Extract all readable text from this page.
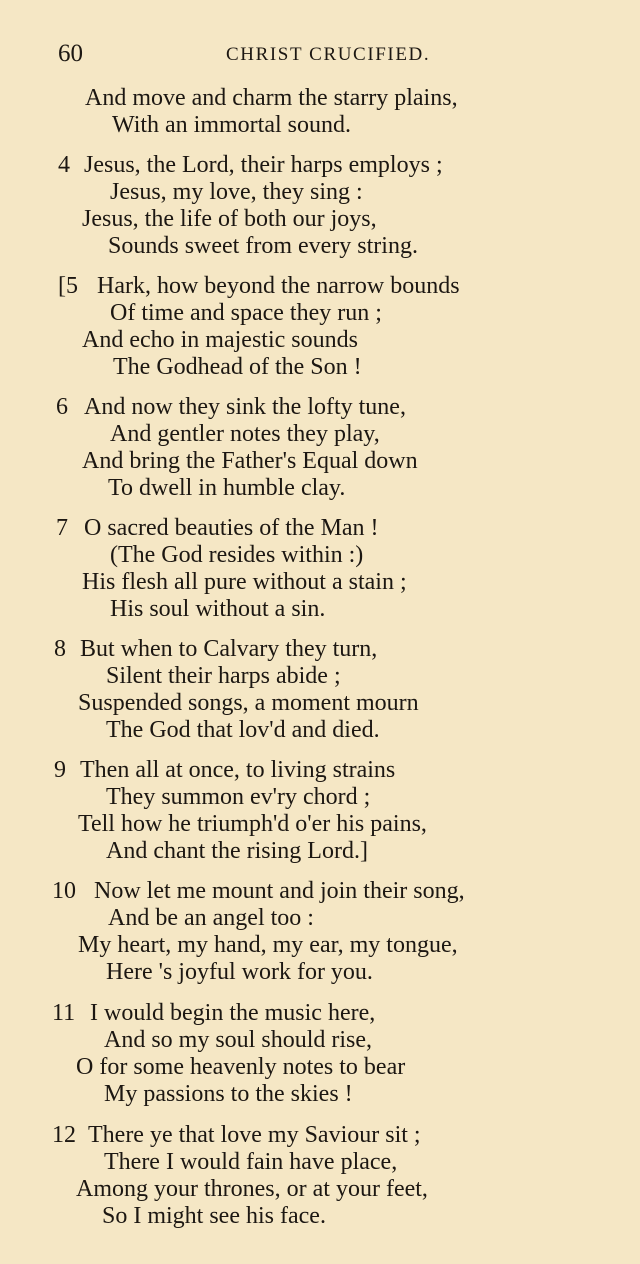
60	CHRIST CRUCIFIED.
And move and charm the starry plains,
With an immortal sound.
4 Jesus, the Lord, their harps employs ;
Jesus, my love, they sing :
Jesus, the life of both our joys,
Sounds sweet from every string.
[5 Hark, how beyond the narrow bounds
Of time and space they run ;
And echo in majestic sounds
The Godhead of the Son !
6 And now they sink the lofty tune,
And gentler notes they play,
And bring the Father's Equal down
To dwell in humble clay.
7 O sacred beauties of the Man !
(The God resides within :)
His flesh all pure without a stain ;
His soul without a sin.
8 But when to Calvary they turn,
Silent their harps abide ;
Suspended songs, a moment mourn
The God that lov'd and died.
9 Then all at once, to living strains
They summon ev'ry chord ;
Tell how he triumph'd o'er his pains,
And chant the rising Lord.]
10 Now let me mount and join their song,
And be an angel too :
My heart, my hand, my ear, my tongue,
Here 's joyful work for you.
11 I would begin the music here,
And so my soul should rise,
O for some heavenly notes to bear
My passions to the skies !
12 There ye that love my Saviour sit ;
There I would fain have place,
Among your thrones, or at your feet,
So I might see his face.
